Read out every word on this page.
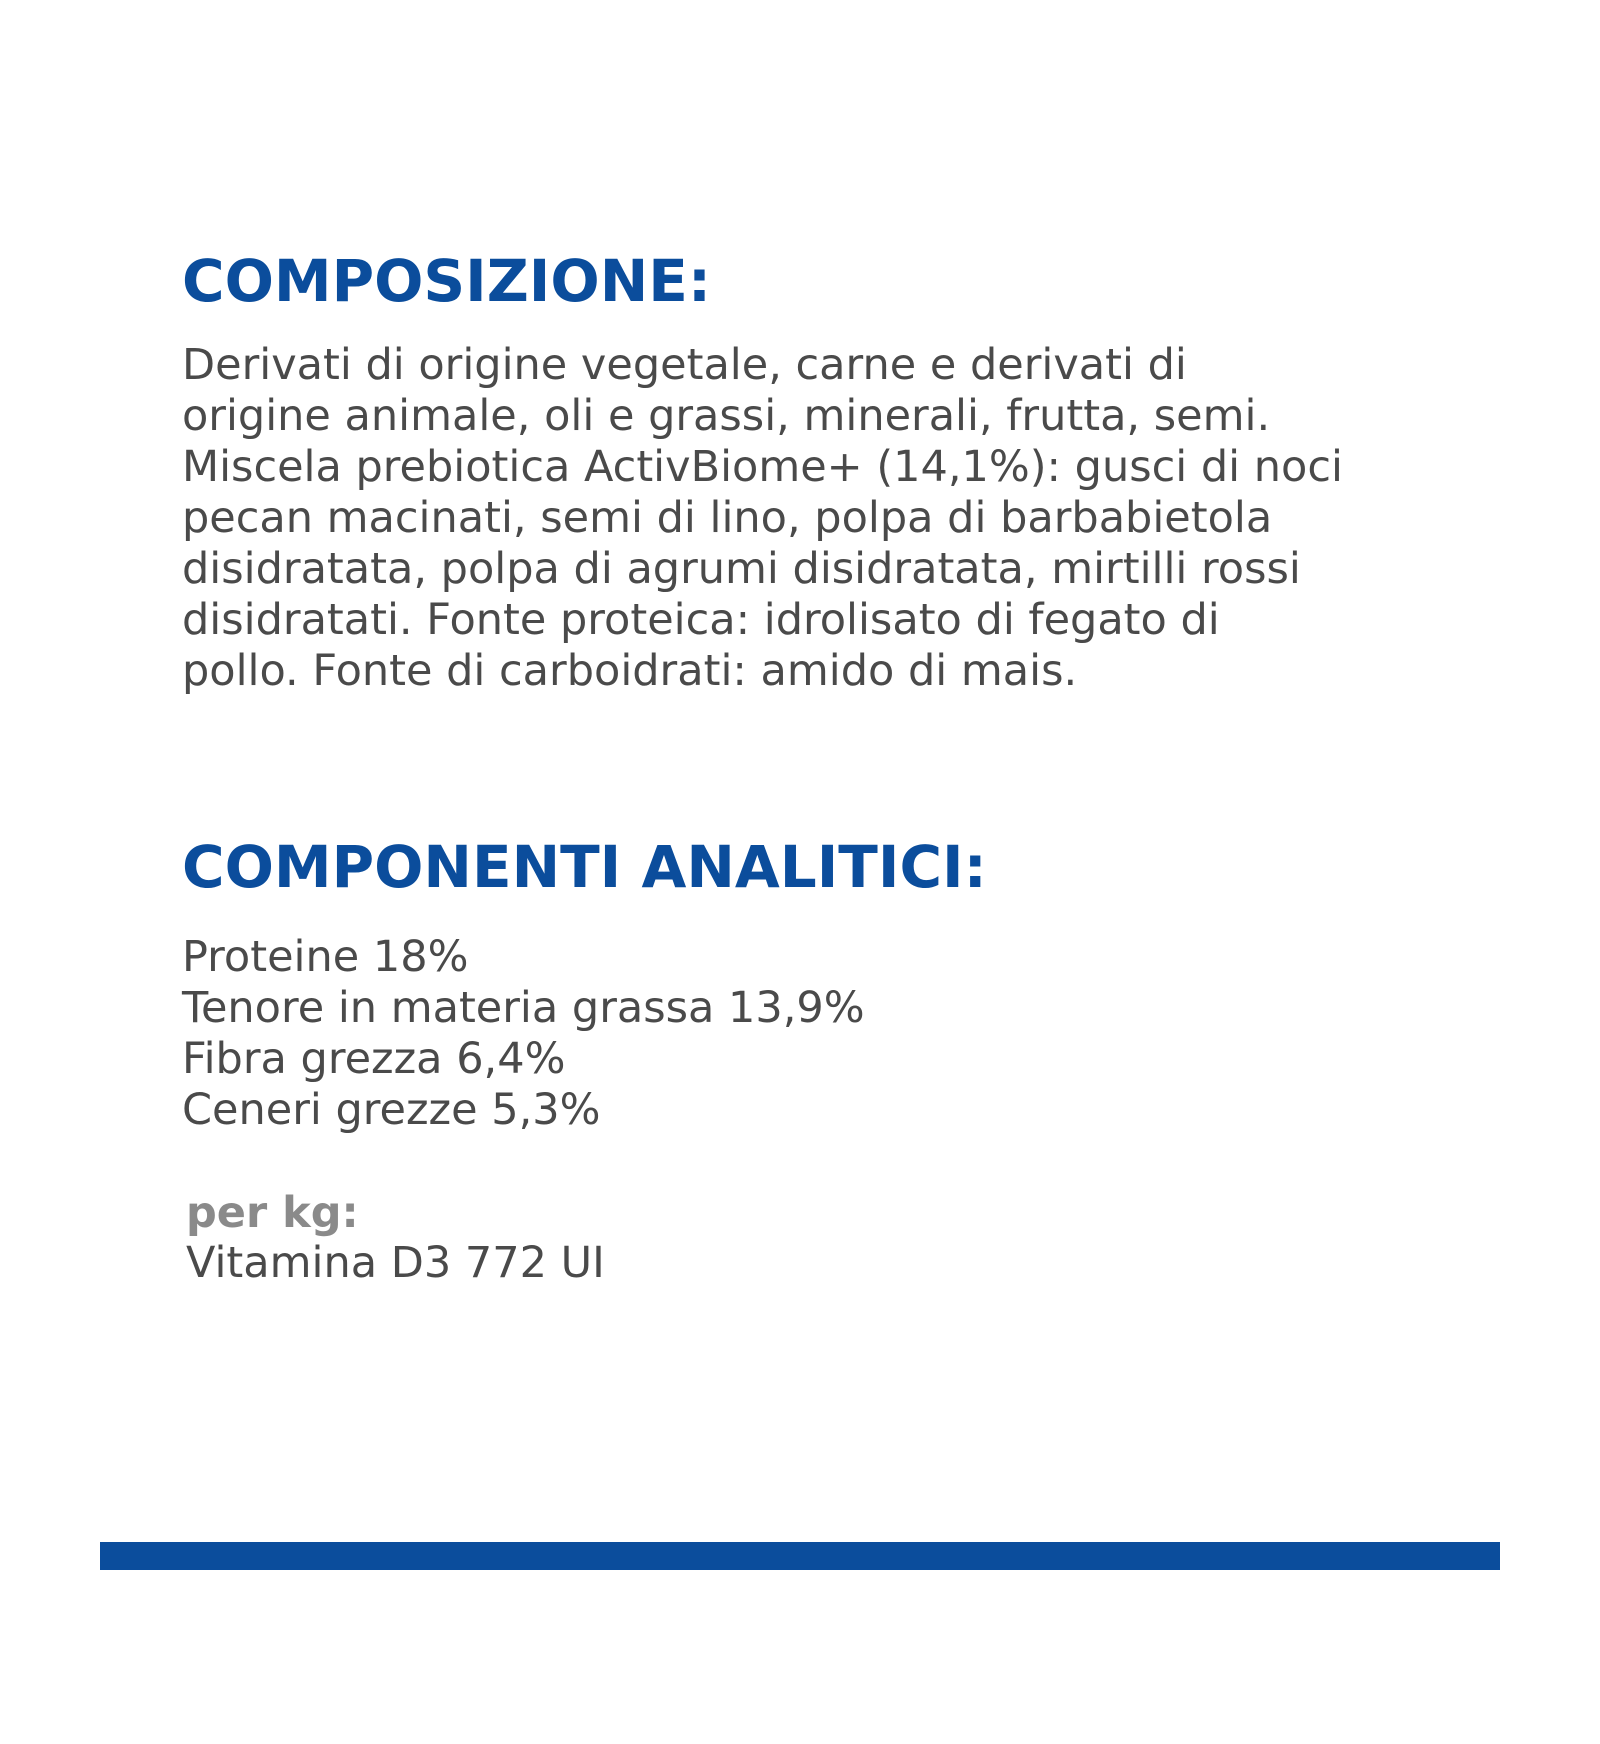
COMPOSIZIONE:

Derivati di origine vegetale, carne e derivati di
origine animale, oli e grassi, minerali, frutta, semi.
Miscela prebiotica ActivBiome+ (14,1%): gusci di noci
pecan macinati, semi di lino, polpa di barbabietola
disidratata, polpa di agrumi disidratata, mirtilli rossi
disidratati. Fonte proteica: idrolisato di fegato di
pollo. Fonte di carboidrati: amido di mais.

COMPONENTI ANALITICI:
Proteine 18%
Tenore in materia grassa 13,9%
Fibra grezza 6,4%
Ceneri grezze 5,3%

per kg:

Vitamina D3 772 UI
